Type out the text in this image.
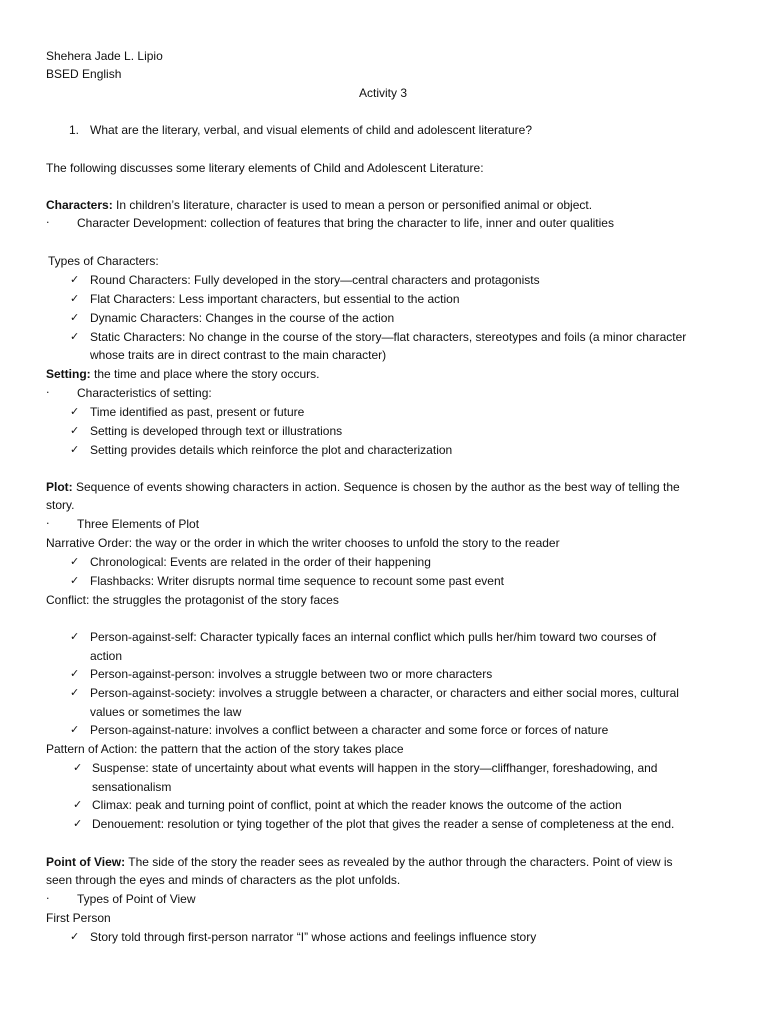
Shehera Jade L. Lipio
BSED English
Activity 3
1. What are the literary, verbal, and visual elements of child and adolescent literature?
The following discusses some literary elements of Child and Adolescent Literature:
Characters: In children’s literature, character is used to mean a person or personified animal or object.
· Character Development: collection of features that bring the character to life, inner and outer qualities
Types of Characters:
✓ Round Characters: Fully developed in the story—central characters and protagonists
✓ Flat Characters: Less important characters, but essential to the action
✓ Dynamic Characters: Changes in the course of the action
✓ Static Characters: No change in the course of the story—flat characters, stereotypes and foils (a minor character
whose traits are in direct contrast to the main character)
Setting: the time and place where the story occurs.
· Characteristics of setting:
✓ Time identified as past, present or future
✓ Setting is developed through text or illustrations
✓ Setting provides details which reinforce the plot and characterization
Plot: Sequence of events showing characters in action. Sequence is chosen by the author as the best way of telling the
story.
· Three Elements of Plot
Narrative Order: the way or the order in which the writer chooses to unfold the story to the reader
✓ Chronological: Events are related in the order of their happening
✓ Flashbacks: Writer disrupts normal time sequence to recount some past event
Conflict: the struggles the protagonist of the story faces
✓ Person-against-self: Character typically faces an internal conflict which pulls her/him toward two courses of
action
✓ Person-against-person: involves a struggle between two or more characters
✓ Person-against-society: involves a struggle between a character, or characters and either social mores, cultural
values or sometimes the law
✓ Person-against-nature: involves a conflict between a character and some force or forces of nature
Pattern of Action: the pattern that the action of the story takes place
✓ Suspense: state of uncertainty about what events will happen in the story—cliffhanger, foreshadowing, and
sensationalism
✓ Climax: peak and turning point of conflict, point at which the reader knows the outcome of the action
✓ Denouement: resolution or tying together of the plot that gives the reader a sense of completeness at the end.
Point of View: The side of the story the reader sees as revealed by the author through the characters. Point of view is
seen through the eyes and minds of characters as the plot unfolds.
· Types of Point of View
First Person
✓ Story told through first-person narrator “I” whose actions and feelings influence story
